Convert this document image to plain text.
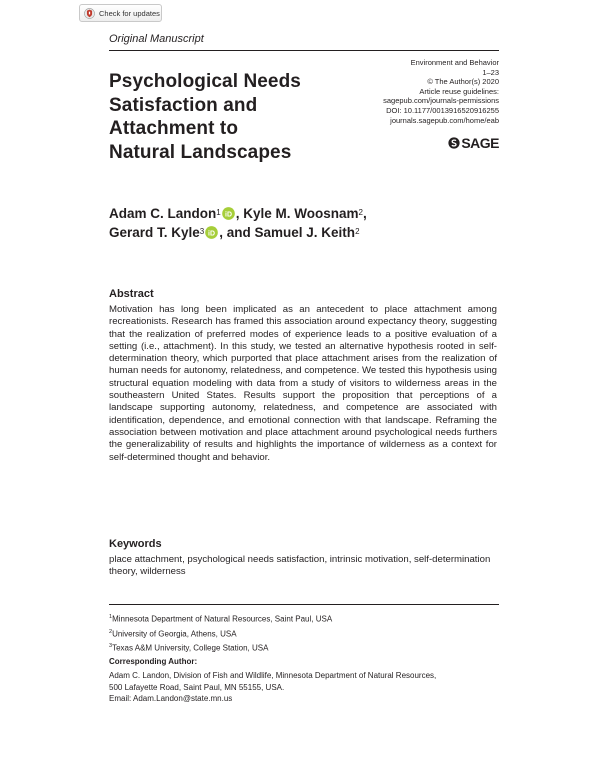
Check for updates
Original Manuscript
Environment and Behavior
1–23
© The Author(s) 2020
Article reuse guidelines:
sagepub.com/journals-permissions
DOI: 10.1177/0013916520916255
journals.sagepub.com/home/eab
SAGE
Psychological Needs
Satisfaction and
Attachment to
Natural Landscapes
Adam C. Landon$^1$ iD , Kyle M. Woosnam$^2$,
Gerard T. Kyle$^3$ iD , and Samuel J. Keith$^2$
Abstract
Motivation has long been implicated as an antecedent to place attachment among recreationists. Research has framed this association around expectancy theory, suggesting that the realization of preferred modes of experience leads to a positive evaluation of a setting (i.e., attachment). In this study, we tested an alternative hypothesis rooted in self-determination theory, which purported that place attachment arises from the realization of human needs for autonomy, relatedness, and competence. We tested this hypothesis using structural equation modeling with data from a study of visitors to wilderness areas in the southeastern United States. Results support the proposition that perceptions of a landscape supporting autonomy, relatedness, and competence are associated with identification, dependence, and emotional connection with that landscape. Reframing the association between motivation and place attachment around psychological needs furthers the generalizability of results and highlights the importance of wilderness as a context for self-determined thought and behavior.
Keywords
place attachment, psychological needs satisfaction, intrinsic motivation, self-determination theory, wilderness
$^1$Minnesota Department of Natural Resources, Saint Paul, USA
$^2$University of Georgia, Athens, USA
$^3$Texas A&M University, College Station, USA
Corresponding Author:
Adam C. Landon, Division of Fish and Wildlife, Minnesota Department of Natural Resources,
500 Lafayette Road, Saint Paul, MN 55155, USA.
Email: Adam.Landon@state.mn.us
